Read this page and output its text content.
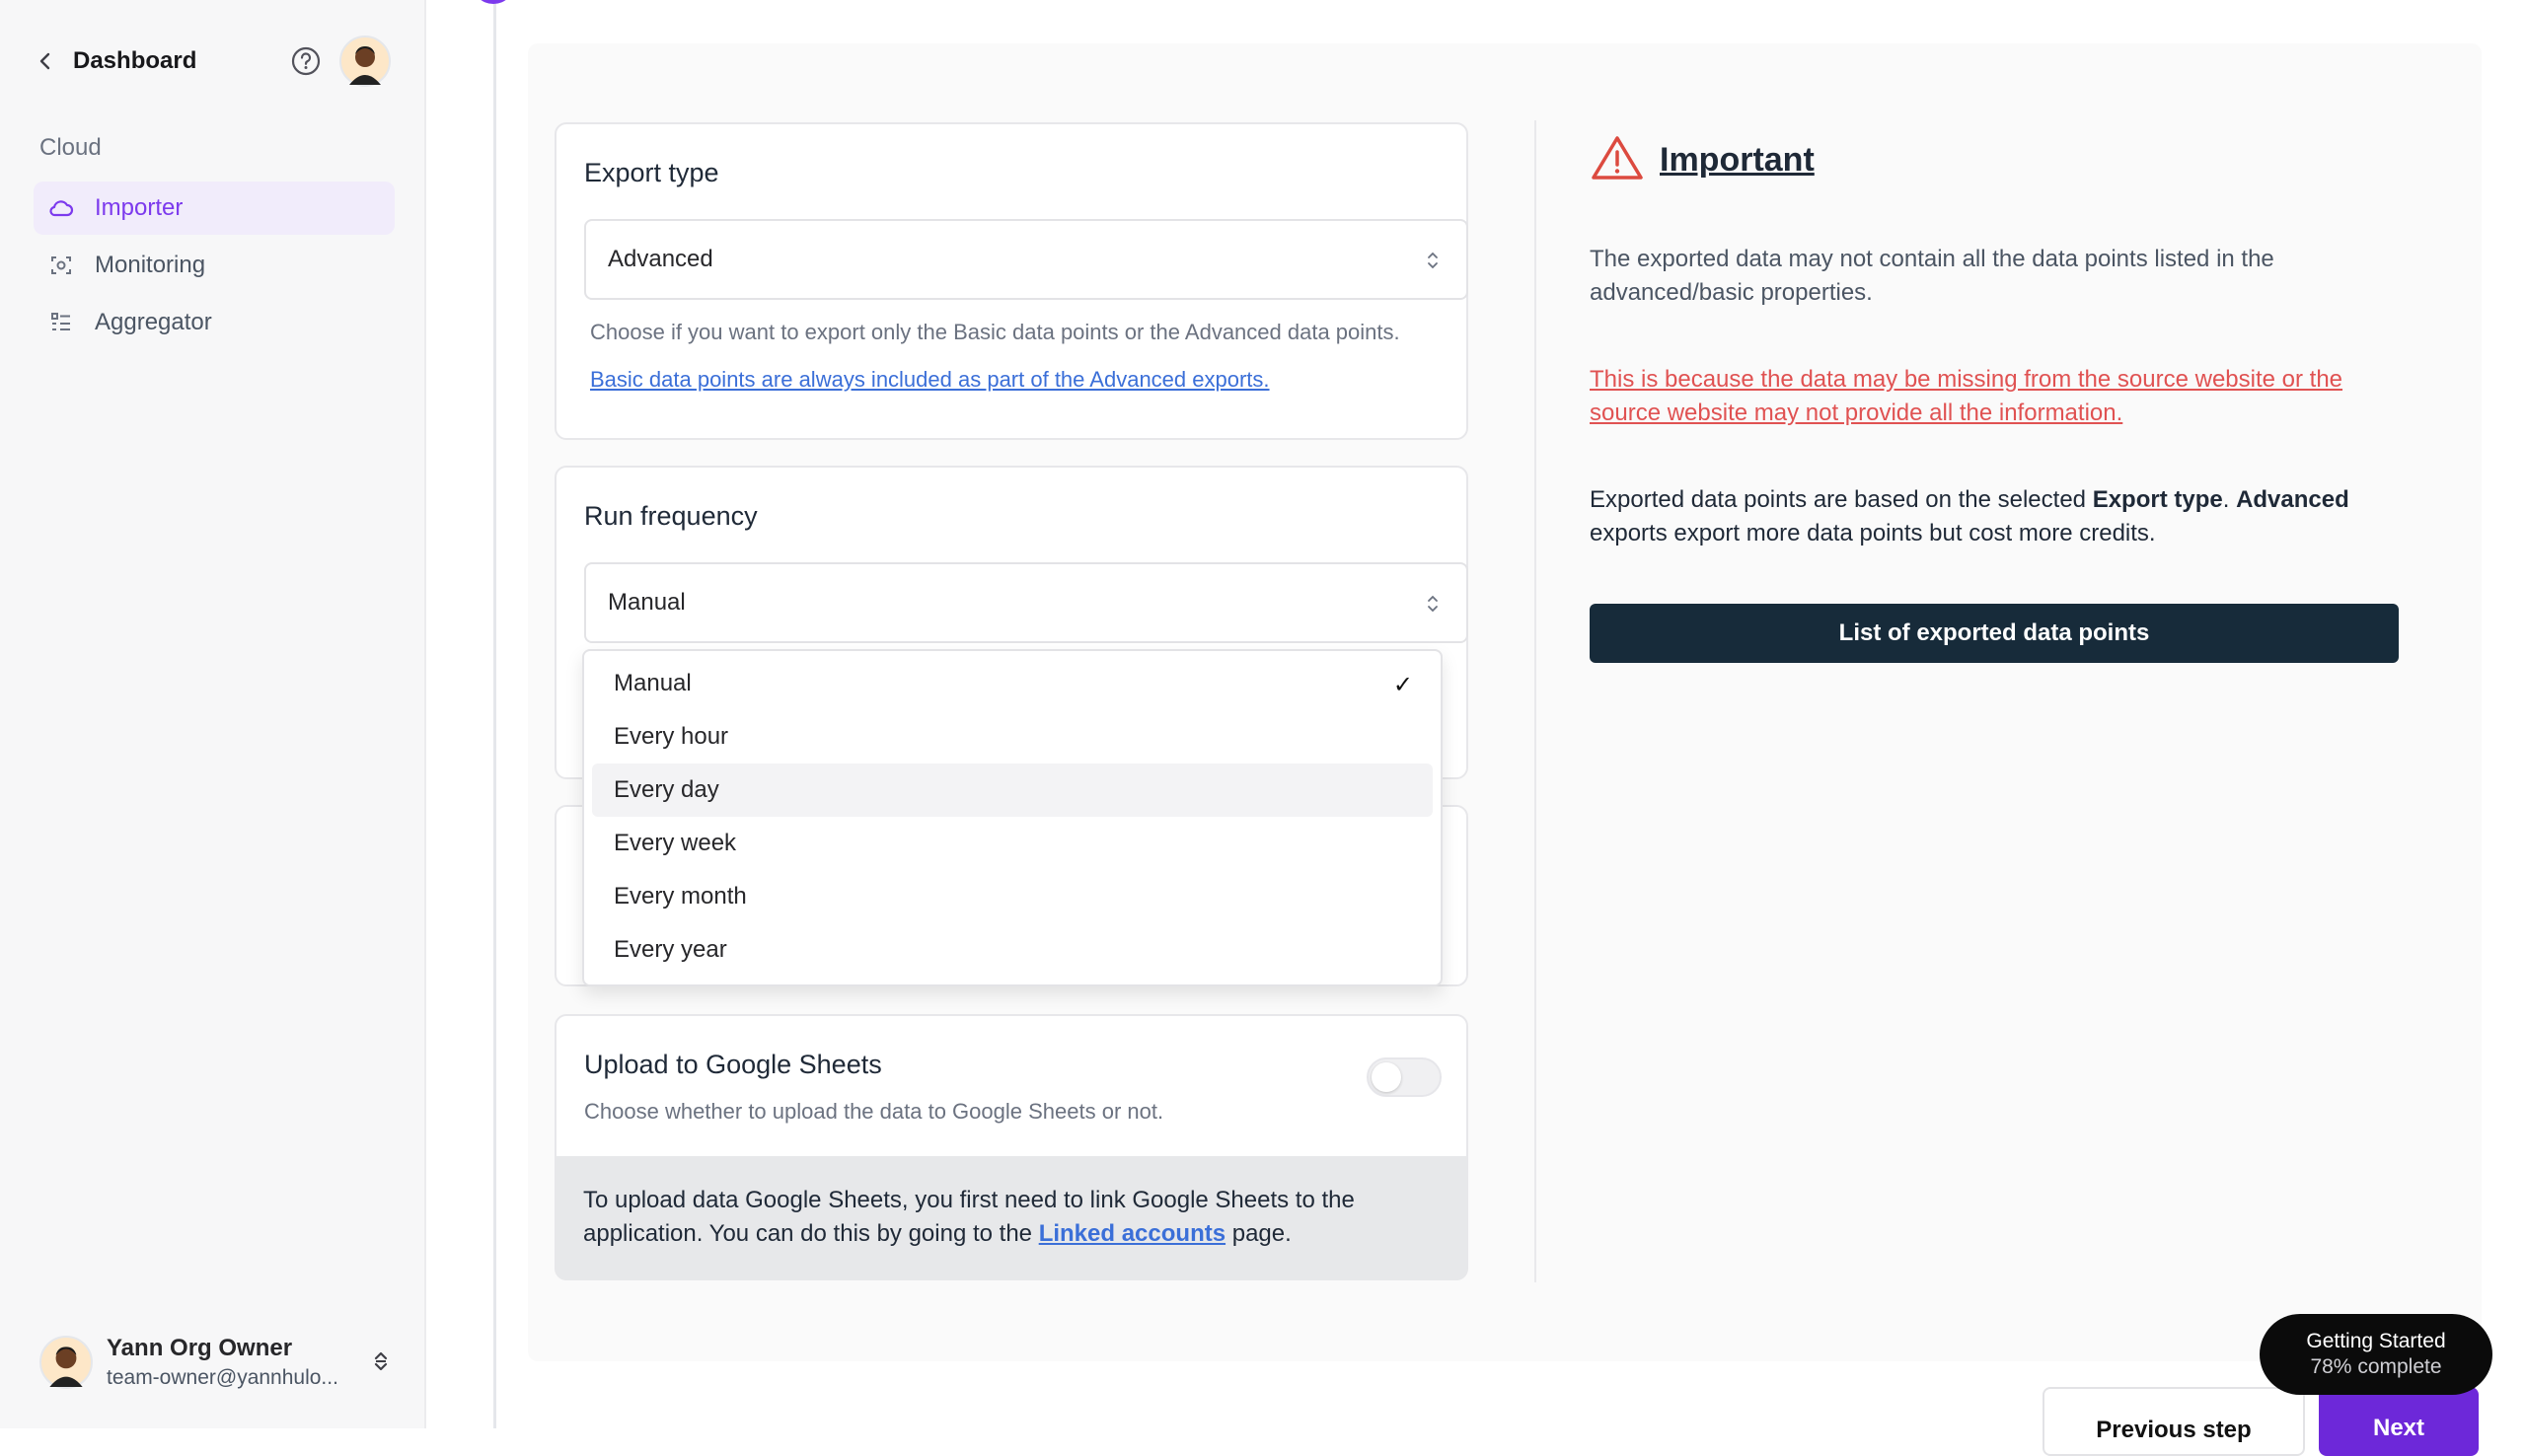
Dashboard
Cloud
Importer
Monitoring
Aggregator
Yann Org Owner
team-owner@yannhulo...
Export type
Advanced
Choose if you want to export only the Basic data points or the Advanced data points.
Basic data points are always included as part of the Advanced exports.
Run frequency
Manual
Upload to Google Sheets
Choose whether to upload the data to Google Sheets or not.
To upload data Google Sheets, you first need to link Google Sheets to the application. You can do this by going to the Linked accounts page.
Manual	✓
Every hour
Every day
Every week
Every month
Every year
Important
The exported data may not contain all the data points listed in the advanced/basic properties.
This is because the data may be missing from the source website or the source website may not provide all the information.
Exported data points are based on the selected Export type. Advanced exports export more data points but cost more credits.
List of exported data points
Previous step	Next
Getting Started
78% complete
